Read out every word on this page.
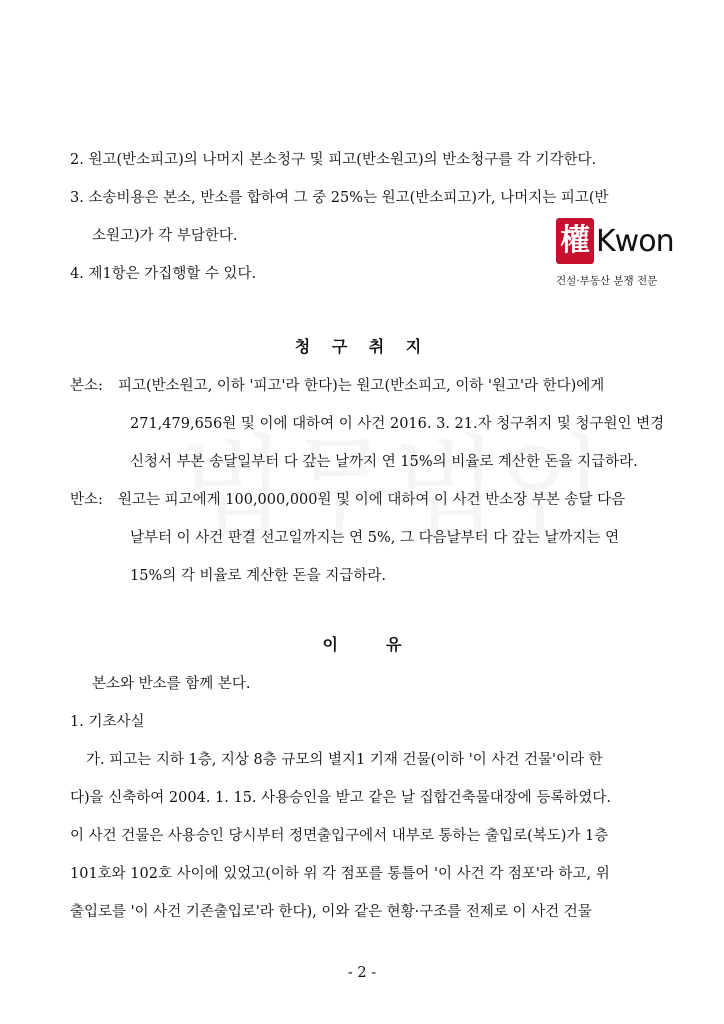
2. 원고(반소피고)의 나머지 본소청구 및 피고(반소원고)의 반소청구를 각 기각한다.
3. 소송비용은 본소, 반소를 합하여 그 중 25%는 원고(반소피고)가, 나머지는 피고(반
소원고)가 각 부담한다.
4. 제1항은 가집행할 수 있다.
權 Kwon
건설·부동산 분쟁 전문
청 구 취 지
본소:	피고(반소원고, 이하 '피고'라 한다)는 원고(반소피고, 이하 '원고'라 한다)에게
271,479,656원 및 이에 대하여 이 사건 2016. 3. 21.자 청구취지 및 청구원인 변경
신청서 부본 송달일부터 다 갚는 날까지 연 15%의 비율로 계산한 돈을 지급하라.
반소:	원고는 피고에게 100,000,000원 및 이에 대하여 이 사건 반소장 부본 송달 다음
날부터 이 사건 판결 선고일까지는 연 5%, 그 다음날부터 다 갚는 날까지는 연
15%의 각 비율로 계산한 돈을 지급하라.
이	유
본소와 반소를 함께 본다.
1. 기초사실
가. 피고는 지하 1층, 지상 8층 규모의 별지1 기재 건물(이하 '이 사건 건물'이라 한
다)을 신축하여 2004. 1. 15. 사용승인을 받고 같은 날 집합건축물대장에 등록하였다.
이 사건 건물은 사용승인 당시부터 정면출입구에서 내부로 통하는 출입로(복도)가 1층
101호와 102호 사이에 있었고(이하 위 각 점포를 통틀어 '이 사건 각 점포'라 하고, 위
출입로를 '이 사건 기존출입로'라 한다), 이와 같은 현황·구조를 전제로 이 사건 건물
- 2 -
